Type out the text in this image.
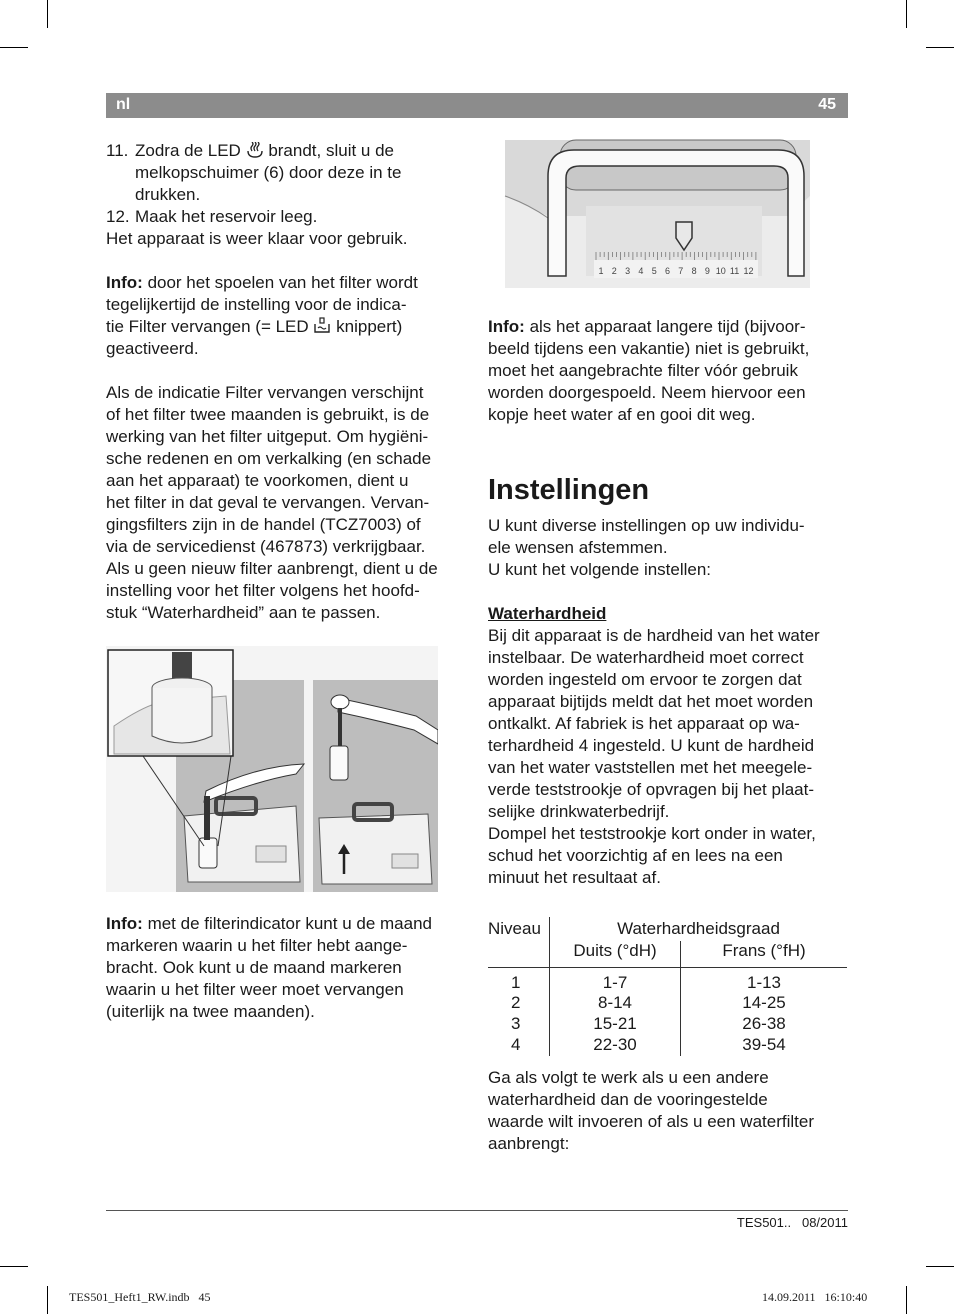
nl	45
11. Zodra de LED brandt, sluit u de

melkopschuimer (6) door deze in te

drukken.

12. Maak het reservoir leeg.

Het apparaat is weer klaar voor gebruik.

Info: door het spoelen van het filter wordt

tegelijkertijd de instelling voor de indica-

tie Filter vervangen (= LED knippert)

geactiveerd.

Als de indicatie Filter vervangen verschijnt

of het filter twee maanden is gebruikt, is de

werking van het filter uitgeput. Om hygiëni-

sche redenen en om verkalking (en schade

aan het apparaat) te voorkomen, dient u

het filter in dat geval te vervangen. Vervan-

gingsfilters zijn in de handel (TCZ7003) of

via de servicedienst (467873) verkrijgbaar.

Als u geen nieuw filter aanbrengt, dient u de

instelling voor het filter volgens het hoofd-

stuk “Waterhardheid” aan te passen.

Info: met de filterindicator kunt u de maand

markeren waarin u het filter hebt aange-

bracht. Ook kunt u de maand markeren

waarin u het filter weer moet vervangen

(uiterlijk na twee maanden).

1 2 3 4 5 6 7 8 9 10 11 12

Info: als het apparaat langere tijd (bijvoor-

beeld tijdens een vakantie) niet is gebruikt,

moet het aangebrachte filter vóór gebruik

worden doorgespoeld. Neem hiervoor een

kopje heet water af en gooi dit weg.

Instellingen

U kunt diverse instellingen op uw individu-

ele wensen afstemmen.

U kunt het volgende instellen:

Waterhardheid

Bij dit apparaat is de hardheid van het water

instelbaar. De waterhardheid moet correct

worden ingesteld om ervoor te zorgen dat

apparaat bijtijds meldt dat het moet worden

ontkalkt. Af fabriek is het apparaat op wa-

terhardheid 4 ingesteld. U kunt de hardheid

van het water vaststellen met het meegele-

verde teststrookje of opvragen bij het plaat-

selijke drinkwaterbedrijf.

Dompel het teststrookje kort onder in water,

schud het voorzichtig af en lees na een

minuut het resultaat af.

Niveau	Waterhardheidsgraad	
	Duits (°dH)	Frans (°fH)

1	1-7	1-13
2	8-14	14-25
3	15-21	26-38
4	22-30	39-54

Ga als volgt te werk als u een andere

waterhardheid dan de vooringestelde

waarde wilt invoeren of als u een waterfilter

aanbrengt:

TES501.. 08/2011
TES501_Heft1_RW.indb   45	14.09.2011   16:10:40
